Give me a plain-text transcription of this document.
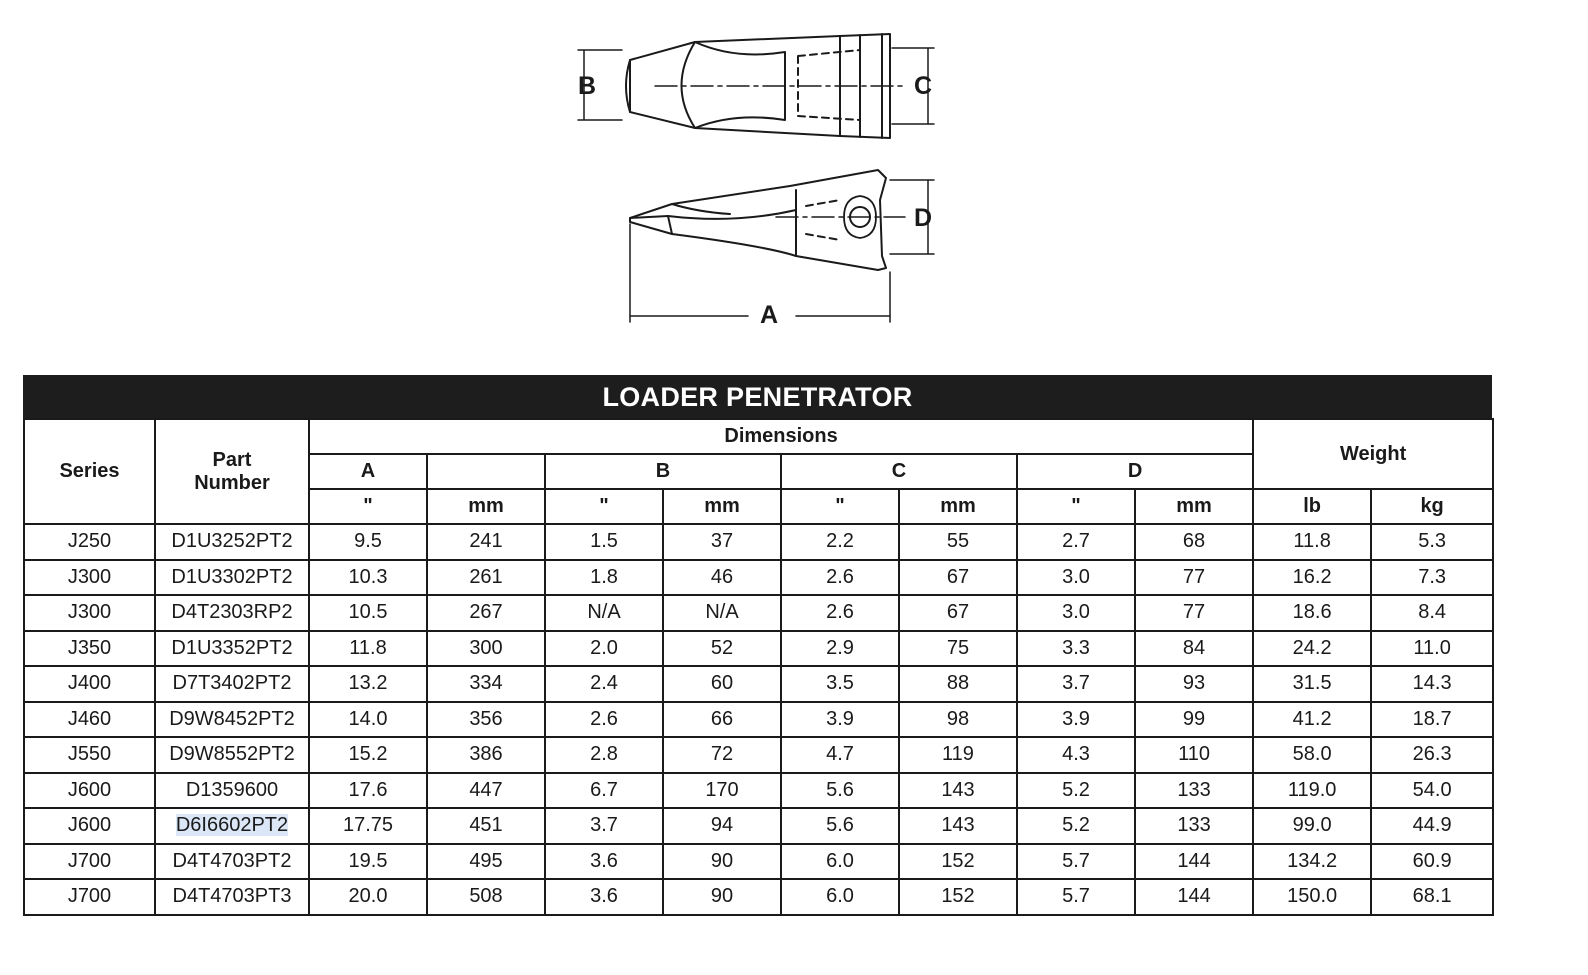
B	C
D
A
LOADER PENETRATOR
Series	Part
Number	Dimensions								Weight	
		A		B		C		D			
		"	mm	"	mm	"	mm	"	mm	lb	kg
J250	D1U3252PT2	9.5	241	1.5	37	2.2	55	2.7	68	11.8	5.3
J300	D1U3302PT2	10.3	261	1.8	46	2.6	67	3.0	77	16.2	7.3
J300	D4T2303RP2	10.5	267	N/A	N/A	2.6	67	3.0	77	18.6	8.4
J350	D1U3352PT2	11.8	300	2.0	52	2.9	75	3.3	84	24.2	11.0
J400	D7T3402PT2	13.2	334	2.4	60	3.5	88	3.7	93	31.5	14.3
J460	D9W8452PT2	14.0	356	2.6	66	3.9	98	3.9	99	41.2	18.7
J550	D9W8552PT2	15.2	386	2.8	72	4.7	119	4.3	110	58.0	26.3
J600	D1359600	17.6	447	6.7	170	5.6	143	5.2	133	119.0	54.0
J600	D6I6602PT2	17.75	451	3.7	94	5.6	143	5.2	133	99.0	44.9
J700	D4T4703PT2	19.5	495	3.6	90	6.0	152	5.7	144	134.2	60.9
J700	D4T4703PT3	20.0	508	3.6	90	6.0	152	5.7	144	150.0	68.1
